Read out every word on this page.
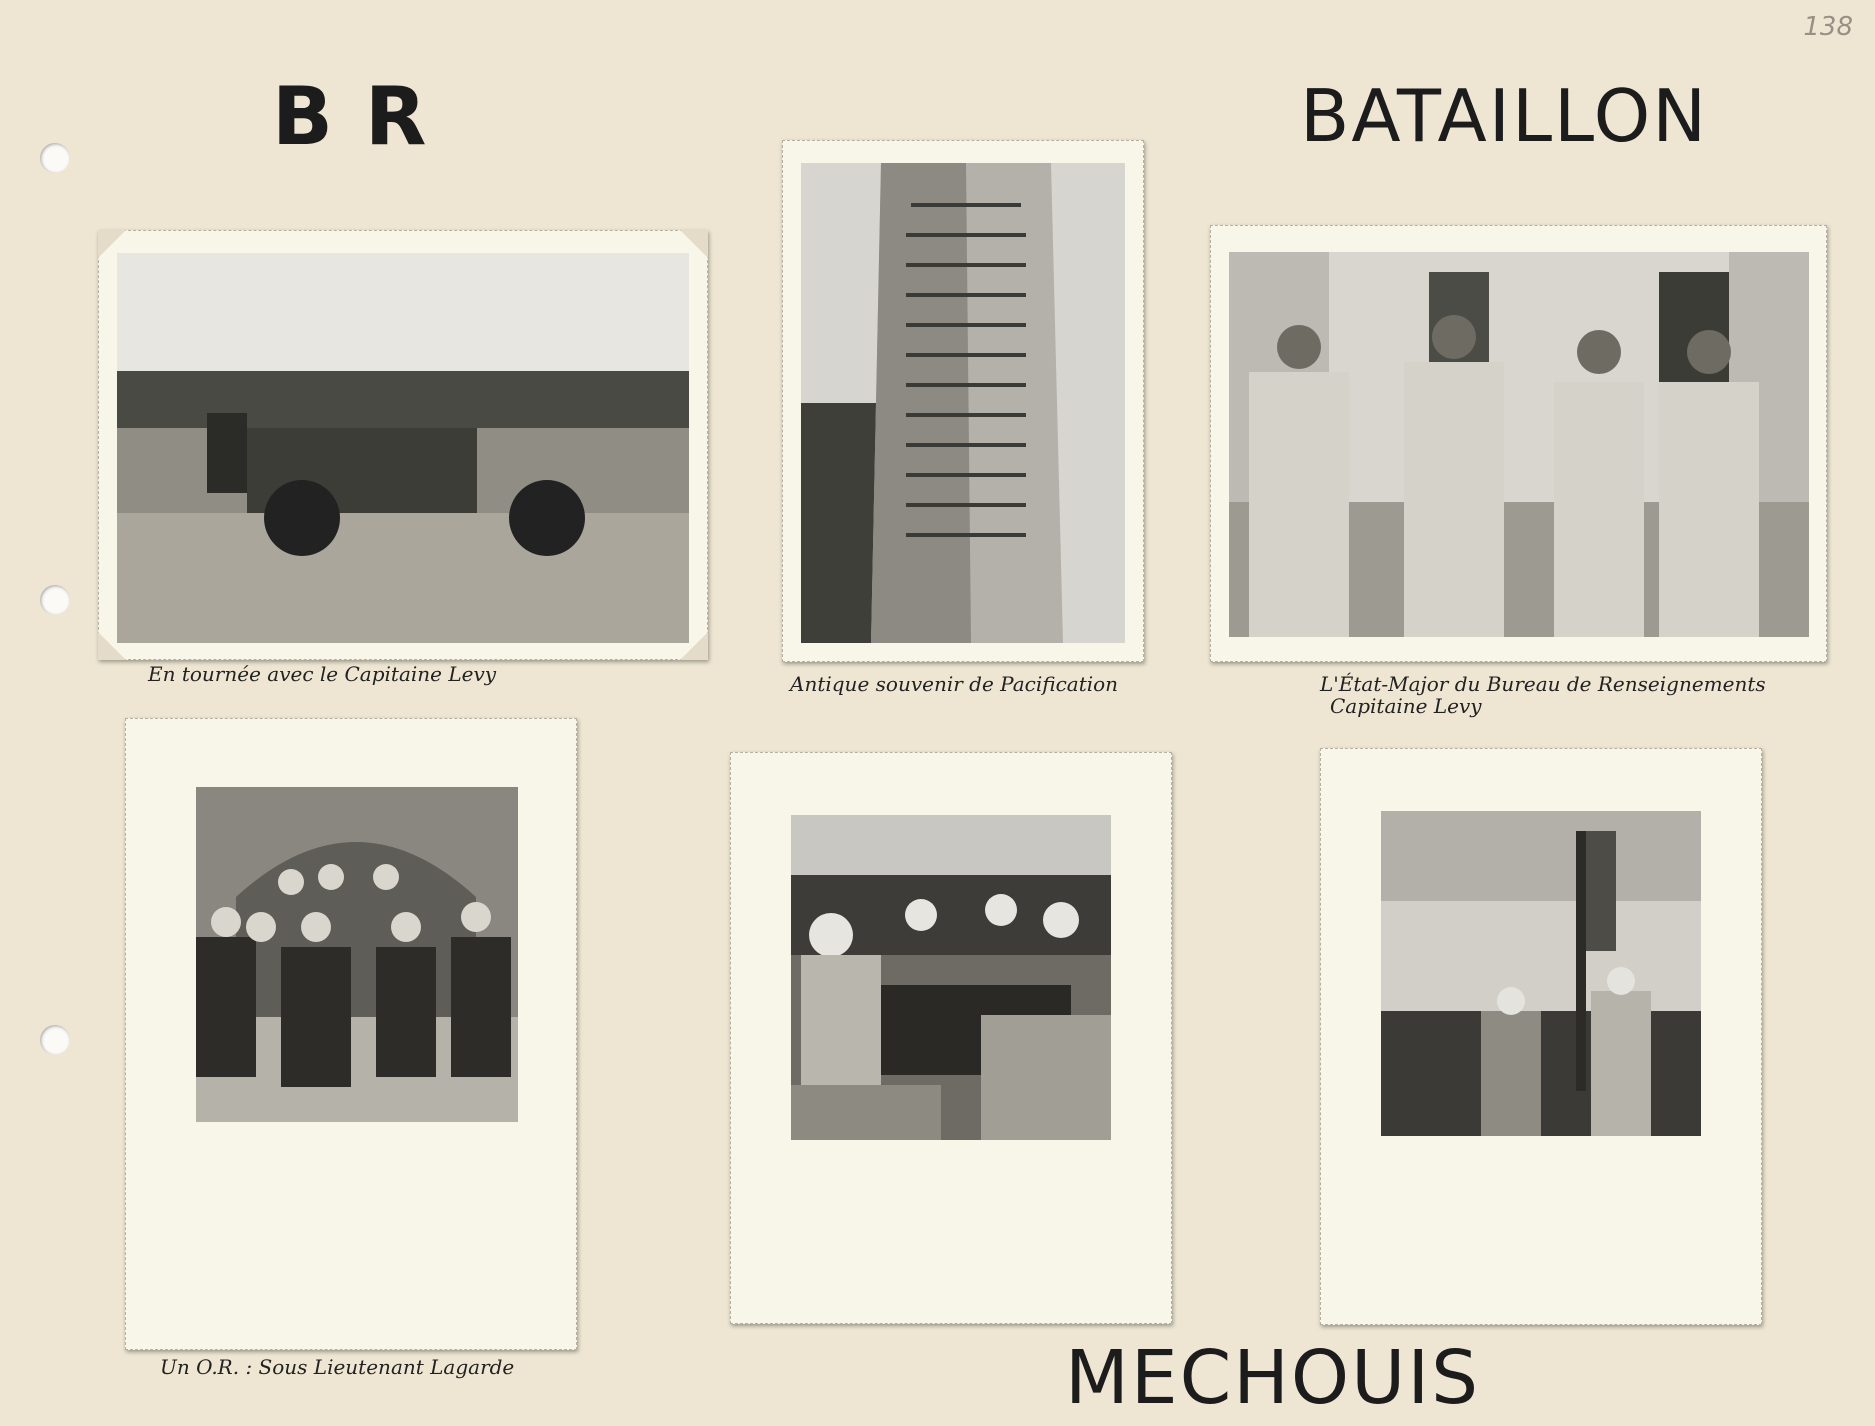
138
B R	BATAILLON
MECHOUIS
En tournée avec le Capitaine Levy	Antique souvenir de Pacification	L'État-Major du Bureau de Renseignements
Capitaine Levy
Un O.R. : Sous Lieutenant Lagarde
